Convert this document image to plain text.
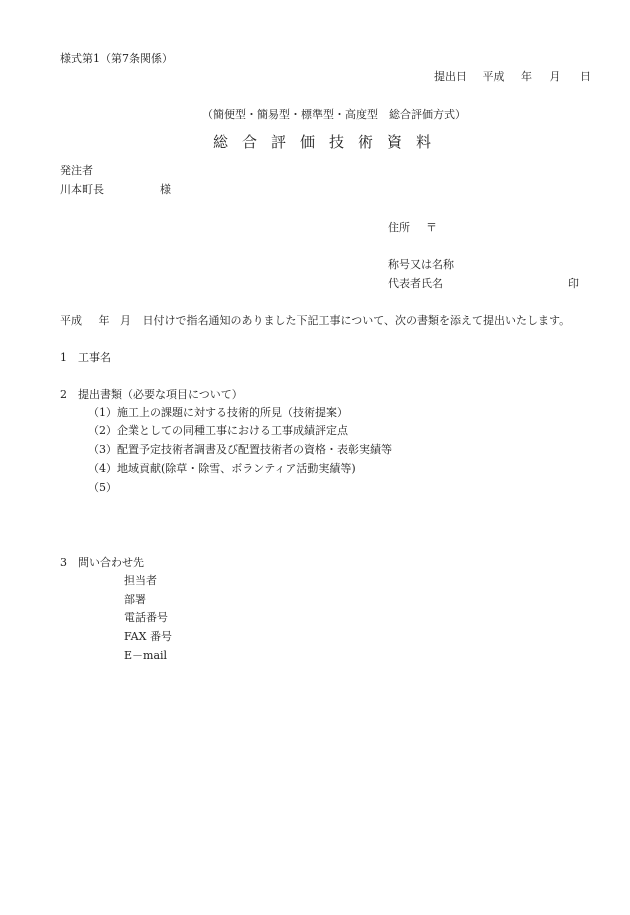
様式第1（第7条関係）
提出日 平成 年 月 日
（簡便型・簡易型・標準型・高度型　総合評価方式）
総合評価技術資料
発注者
川本町長	様
住所 〒
称号又は名称
代表者氏名	印
平成 年 月 日付けで指名通知のありました下記工事について、次の書類を添えて提出いたします。
1　工事名
2　提出書類（必要な項目について）
（1）施工上の課題に対する技術的所見（技術提案）
（2）企業としての同種工事における工事成績評定点
（3）配置予定技術者調書及び配置技術者の資格・表彰実績等
（4）地域貢献(除草・除雪、ボランティア活動実績等)
（5）
3　問い合わせ先
担当者
部署
電話番号
FAX 番号
E－mail
